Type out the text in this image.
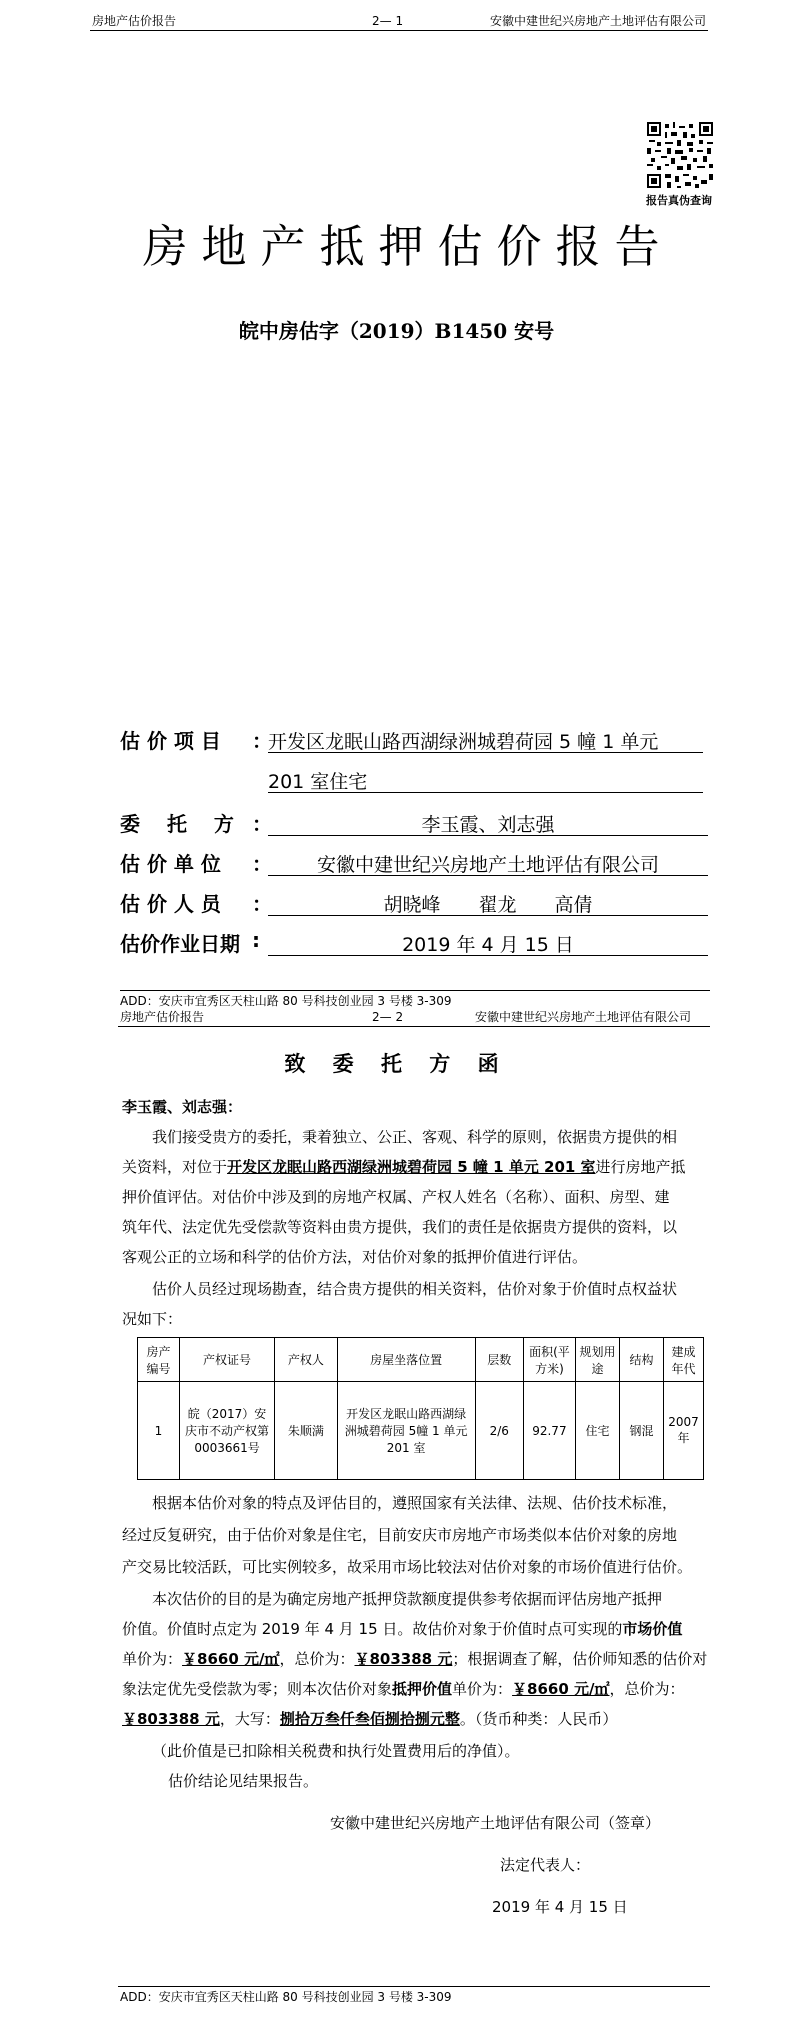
房地产估价报告	2— 1	安徽中建世纪兴房地产土地评估有限公司
报告真伪查询
房地产抵押估价报告
皖中房估字（2019）B1450 安号
估 价 项 目 ：
开发区龙眠山路西湖绿洲城碧荷园 5 幢 1 单元
201 室住宅
委　 托 　方 ：	李玉霞、刘志强
估 价 单 位 ：	安徽中建世纪兴房地产土地评估有限公司
估 价 人 员 ：	胡晓峰　　翟龙　　高倩
估价作业日期 :	2019 年 4 月 15 日
ADD：安庆市宜秀区天柱山路 80 号科技创业园 3 号楼 3-309
房地产估价报告	2— 2	安徽中建世纪兴房地产土地评估有限公司
致 委 托 方 函
李玉霞、刘志强：
我们接受贵方的委托，秉着独立、公正、客观、科学的原则，依据贵方提供的相
关资料，对位于开发区龙眠山路西湖绿洲城碧荷园 5 幢 1 单元 201 室进行房地产抵
押价值评估。对估价中涉及到的房地产权属、产权人姓名（名称）、面积、房型、建
筑年代、法定优先受偿款等资料由贵方提供，我们的责任是依据贵方提供的资料，以
客观公正的立场和科学的估价方法，对估价对象的抵押价值进行评估。
估价人员经过现场勘查，结合贵方提供的相关资料，估价对象于价值时点权益状
况如下：
房产编号	产权证号	产权人	房屋坐落位置	层数	面积(平方米)	规划用途	结构	建成年代
1	皖（2017）安庆市不动产权第 0003661号	朱顺满	开发区龙眠山路西湖绿洲城碧荷园 5幢 1 单元 201 室	2/6	92.77	住宅	钢混	2007年
根据本估价对象的特点及评估目的，遵照国家有关法律、法规、估价技术标准，
经过反复研究，由于估价对象是住宅，目前安庆市房地产市场类似本估价对象的房地
产交易比较活跃，可比实例较多，故采用市场比较法对估价对象的市场价值进行估价。
本次估价的目的是为确定房地产抵押贷款额度提供参考依据而评估房地产抵押
价值。价值时点定为 2019 年 4 月 15 日。故估价对象于价值时点可实现的市场价值
单价为：￥8660 元/㎡，总价为：￥803388 元；根据调查了解，估价师知悉的估价对
象法定优先受偿款为零；则本次估价对象抵押价值单价为：￥8660 元/㎡，总价为：
￥803388 元，大写：捌拾万叁仟叁佰捌拾捌元整。（货币种类：人民币）
（此价值是已扣除相关税费和执行处置费用后的净值）。
估价结论见结果报告。
安徽中建世纪兴房地产土地评估有限公司（签章）
法定代表人：
2019 年 4 月 15 日
ADD：安庆市宜秀区天柱山路 80 号科技创业园 3 号楼 3-309
